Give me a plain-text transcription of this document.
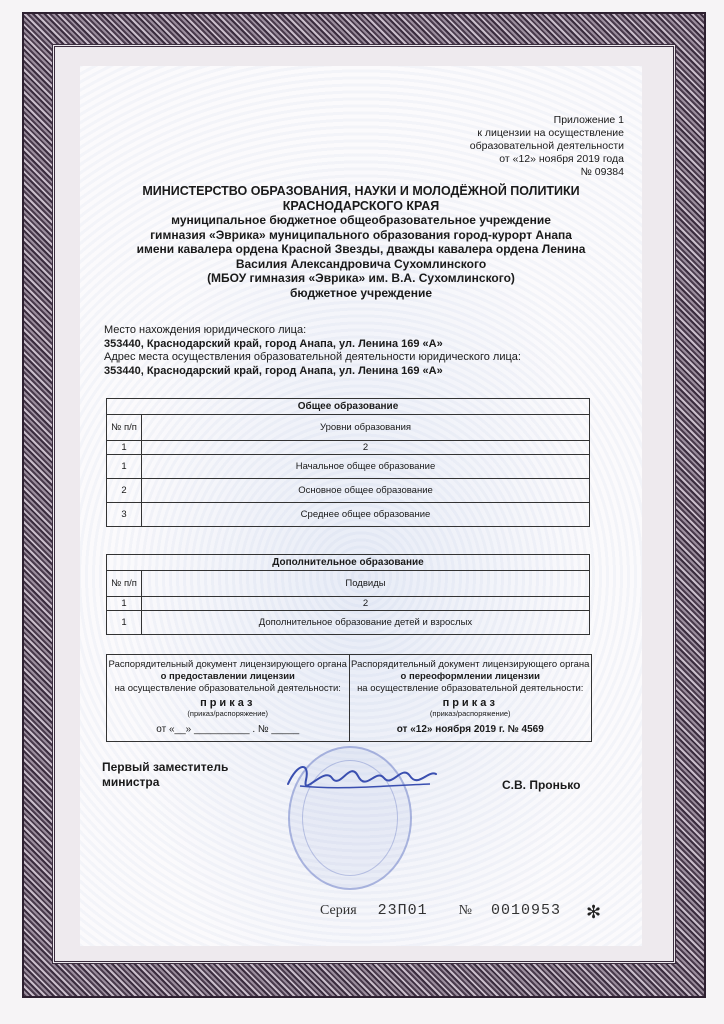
Приложение 1
к лицензии на осуществление
образовательной деятельности
от «12» ноября 2019 года
№ 09384
МИНИСТЕРСТВО ОБРАЗОВАНИЯ, НАУКИ И МОЛОДЁЖНОЙ ПОЛИТИКИ
КРАСНОДАРСКОГО КРАЯ
муниципальное бюджетное общеобразовательное учреждение
гимназия «Эврика» муниципального образования город-курорт Анапа
имени кавалера ордена Красной Звезды, дважды кавалера ордена Ленина
Василия Александровича Сухомлинского
(МБОУ гимназия «Эврика» им. В.А. Сухомлинского)
бюджетное учреждение
Место нахождения юридического лица:
353440, Краснодарский край, город Анапа, ул. Ленина 169 «А»
Адрес места осуществления образовательной деятельности юридического лица:
353440, Краснодарский край, город Анапа, ул. Ленина 169 «А»
Общее образование	
№ п/п	Уровни образования
1	2
1	Начальное общее образование
2	Основное общее образование
3	Среднее общее образование
Дополнительное образование	
№ п/п	Подвиды
1	2
1	Дополнительное образование детей и взрослых
Распорядительный документ лицензирующего органа
о предоставлении лицензии
на осуществление образовательной деятельности:
приказ
(приказ/распоряжение)
от «__» __________ . № _____
Распорядительный документ лицензирующего органа
о переоформлении лицензии
на осуществление образовательной деятельности:
приказ
(приказ/распоряжение)
от «12» ноября 2019 г. № 4569
Первый заместитель
министра	С.В. Пронько
Серия 23П01 № 0010953 ✻
